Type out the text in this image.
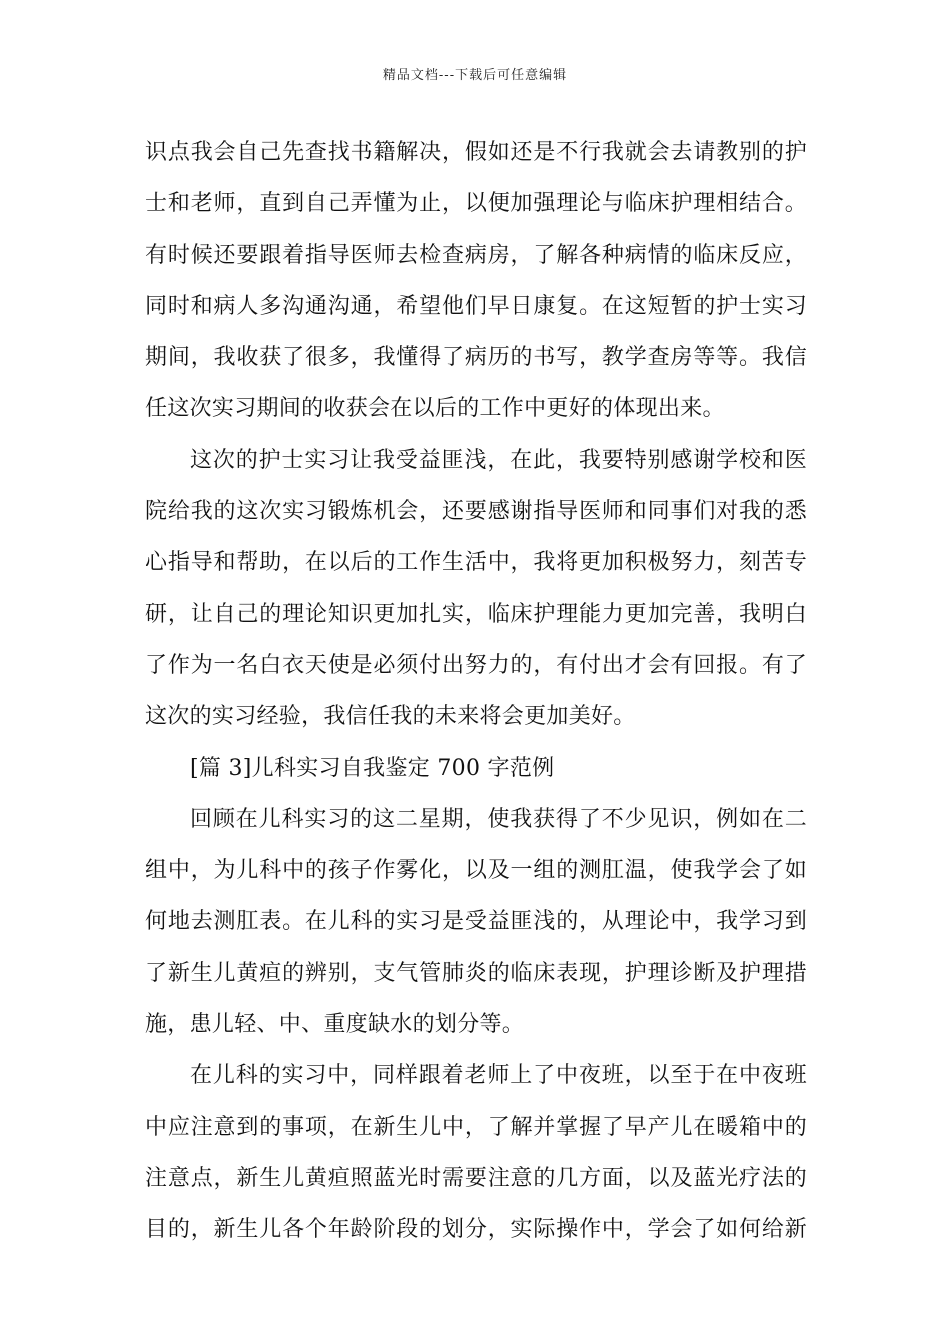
精品文档---下载后可任意编辑
识点我会自己先查找书籍解决，假如还是不行我就会去请教别的护
士和老师，直到自己弄懂为止，以便加强理论与临床护理相结合。
有时候还要跟着指导医师去检查病房，了解各种病情的临床反应，
同时和病人多沟通沟通，希望他们早日康复。在这短暂的护士实习
期间，我收获了很多，我懂得了病历的书写，教学查房等等。我信
任这次实习期间的收获会在以后的工作中更好的体现出来。
这次的护士实习让我受益匪浅，在此，我要特别感谢学校和医
院给我的这次实习锻炼机会，还要感谢指导医师和同事们对我的悉
心指导和帮助，在以后的工作生活中，我将更加积极努力，刻苦专
研，让自己的理论知识更加扎实，临床护理能力更加完善，我明白
了作为一名白衣天使是必须付出努力的，有付出才会有回报。有了
这次的实习经验，我信任我的未来将会更加美好。
[篇 3]儿科实习自我鉴定 700 字范例
回顾在儿科实习的这二星期，使我获得了不少见识，例如在二
组中，为儿科中的孩子作雾化，以及一组的测肛温，使我学会了如
何地去测肛表。在儿科的实习是受益匪浅的，从理论中，我学习到
了新生儿黄疸的辨别，支气管肺炎的临床表现，护理诊断及护理措
施，患儿轻、中、重度缺水的划分等。
在儿科的实习中，同样跟着老师上了中夜班，以至于在中夜班
中应注意到的事项，在新生儿中，了解并掌握了早产儿在暖箱中的
注意点，新生儿黄疸照蓝光时需要注意的几方面，以及蓝光疗法的
目的，新生儿各个年龄阶段的划分，实际操作中，学会了如何给新
